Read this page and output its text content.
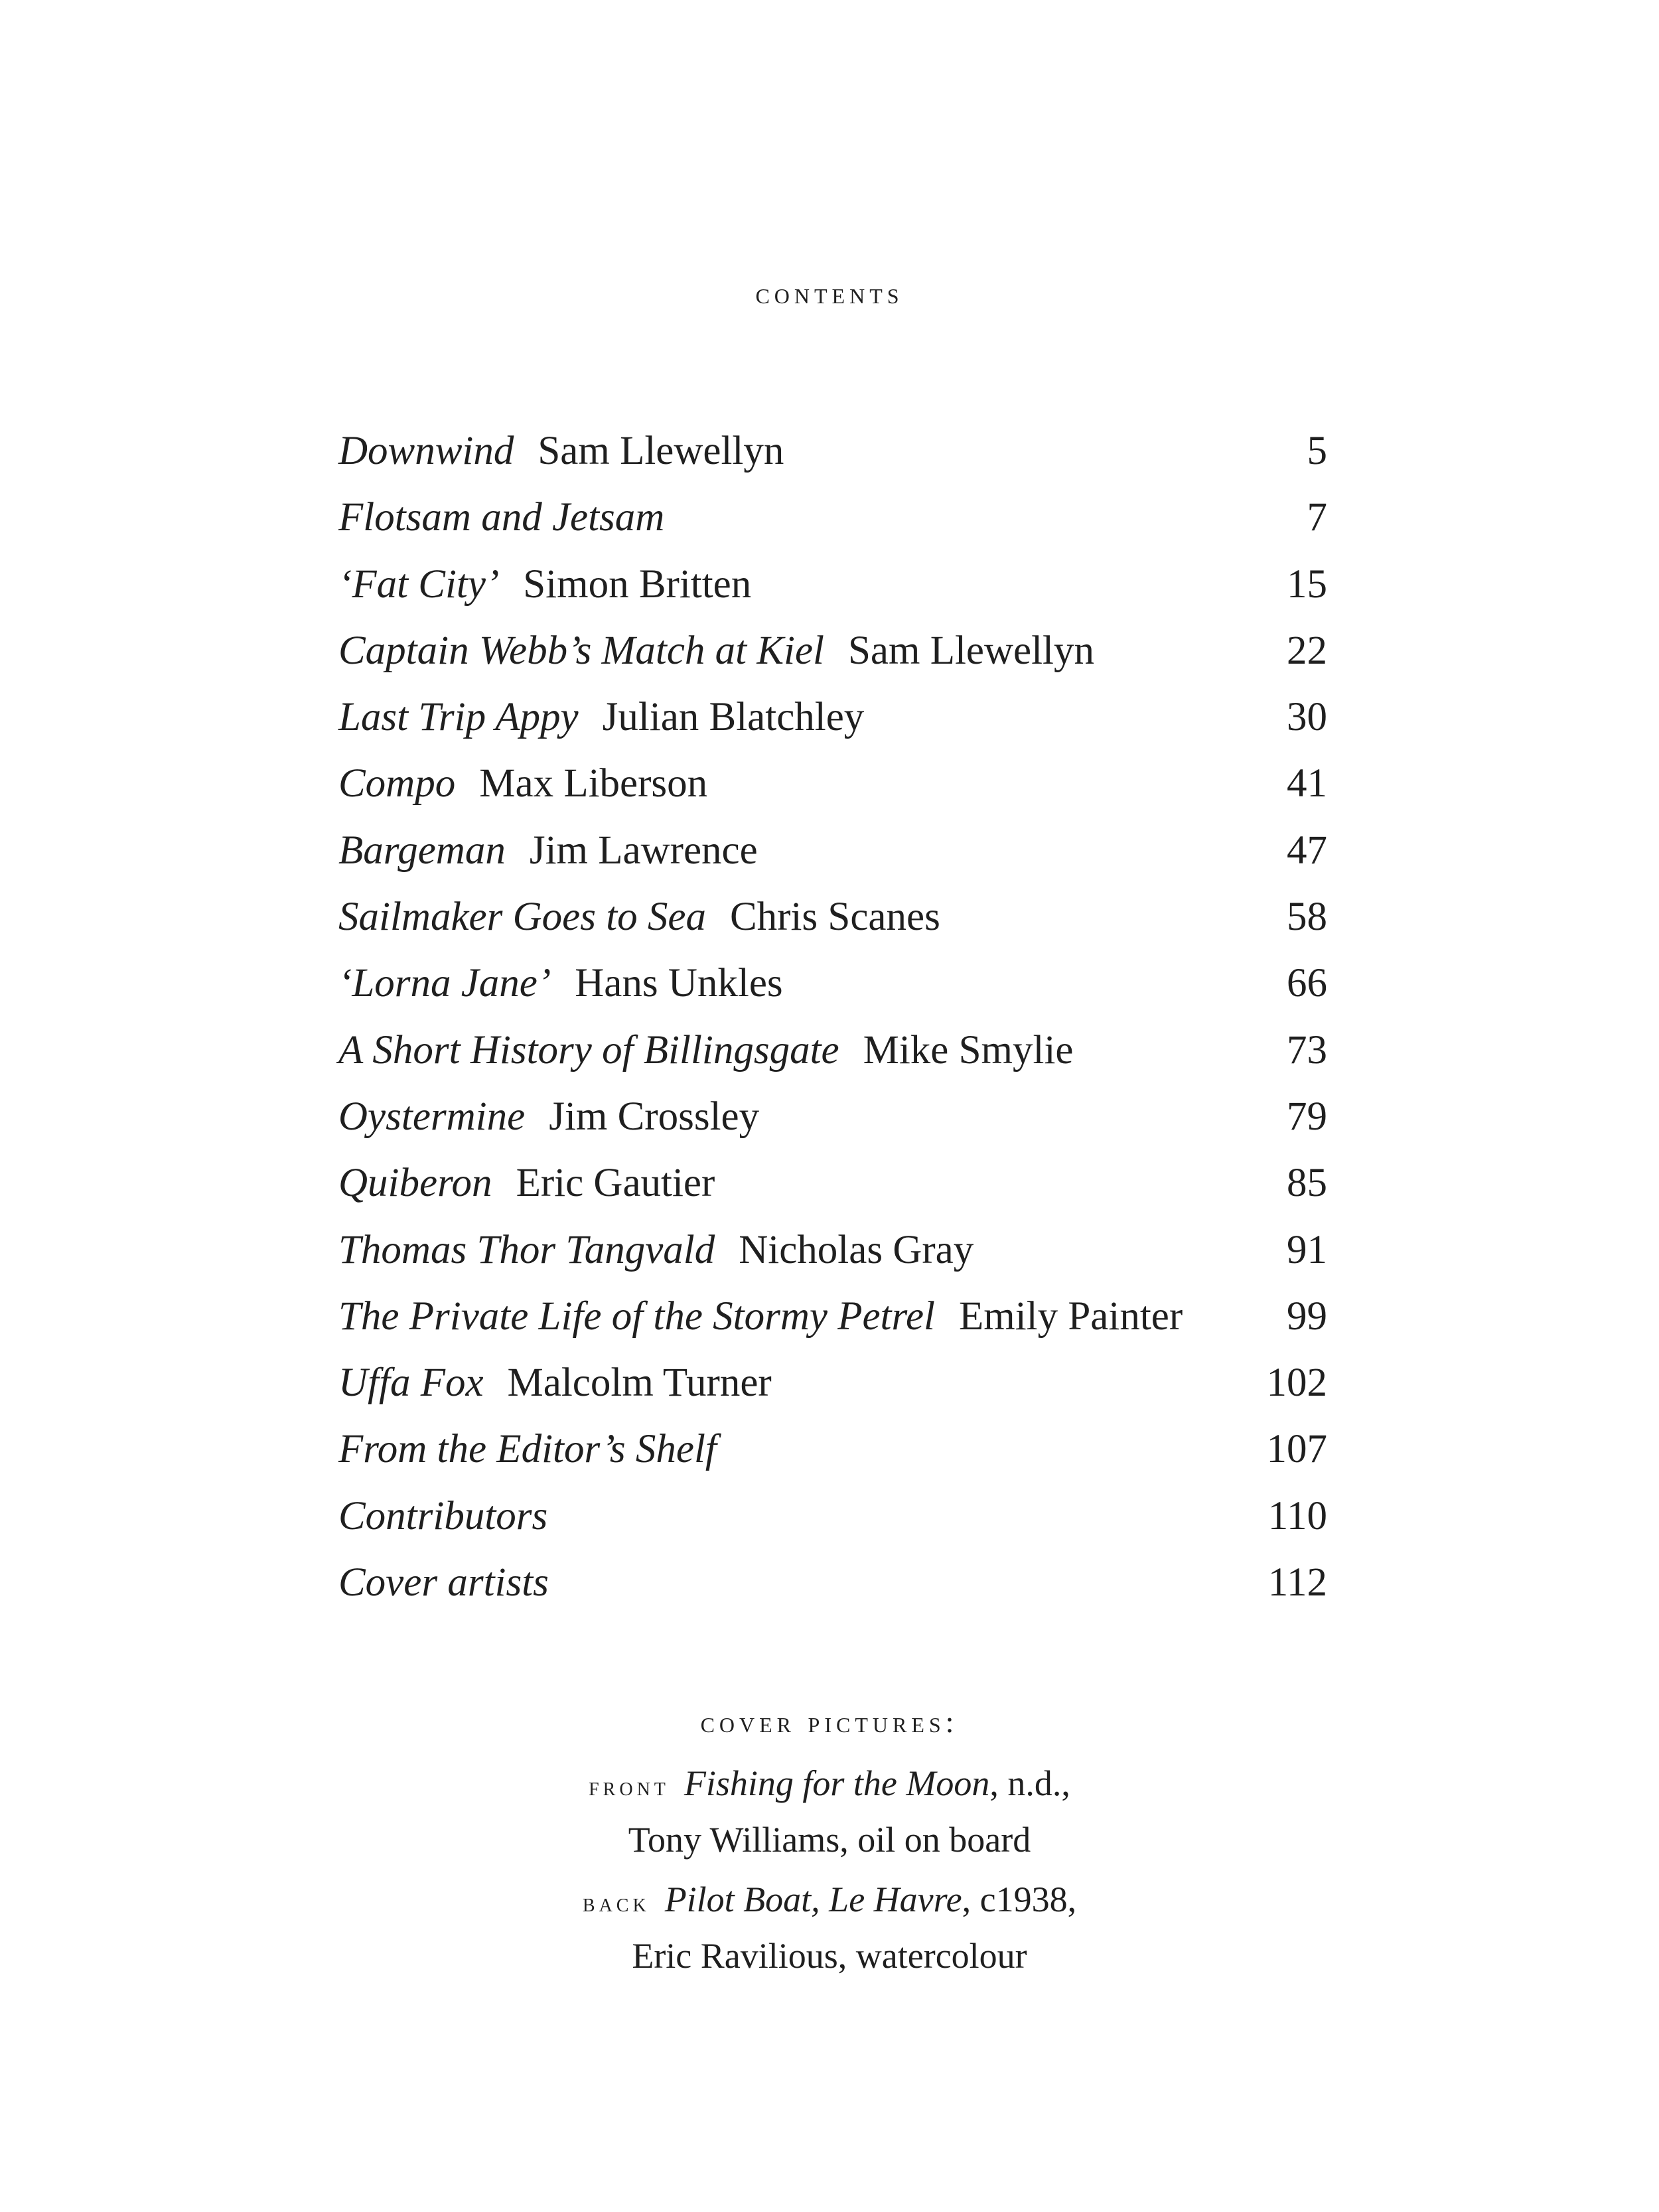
contents
Downwind Sam Llewellyn	5
Flotsam and Jetsam	7
‘Fat City’ Simon Britten	15
Captain Webb’s Match at Kiel Sam Llewellyn	22
Last Trip Appy Julian Blatchley	30
Compo Max Liberson	41
Bargeman Jim Lawrence	47
Sailmaker Goes to Sea Chris Scanes	58
‘Lorna Jane’ Hans Unkles	66
A Short History of Billingsgate Mike Smylie	73
Oystermine Jim Crossley	79
Quiberon Eric Gautier	85
Thomas Thor Tangvald Nicholas Gray	91
The Private Life of the Stormy Petrel Emily Painter	99
Uffa Fox Malcolm Turner	102
From the Editor’s Shelf	107
Contributors	110
Cover artists	112
cover pictures:
front Fishing for the Moon, n.d.,
Tony Williams, oil on board
back Pilot Boat, Le Havre, c1938,
Eric Ravilious, watercolour
